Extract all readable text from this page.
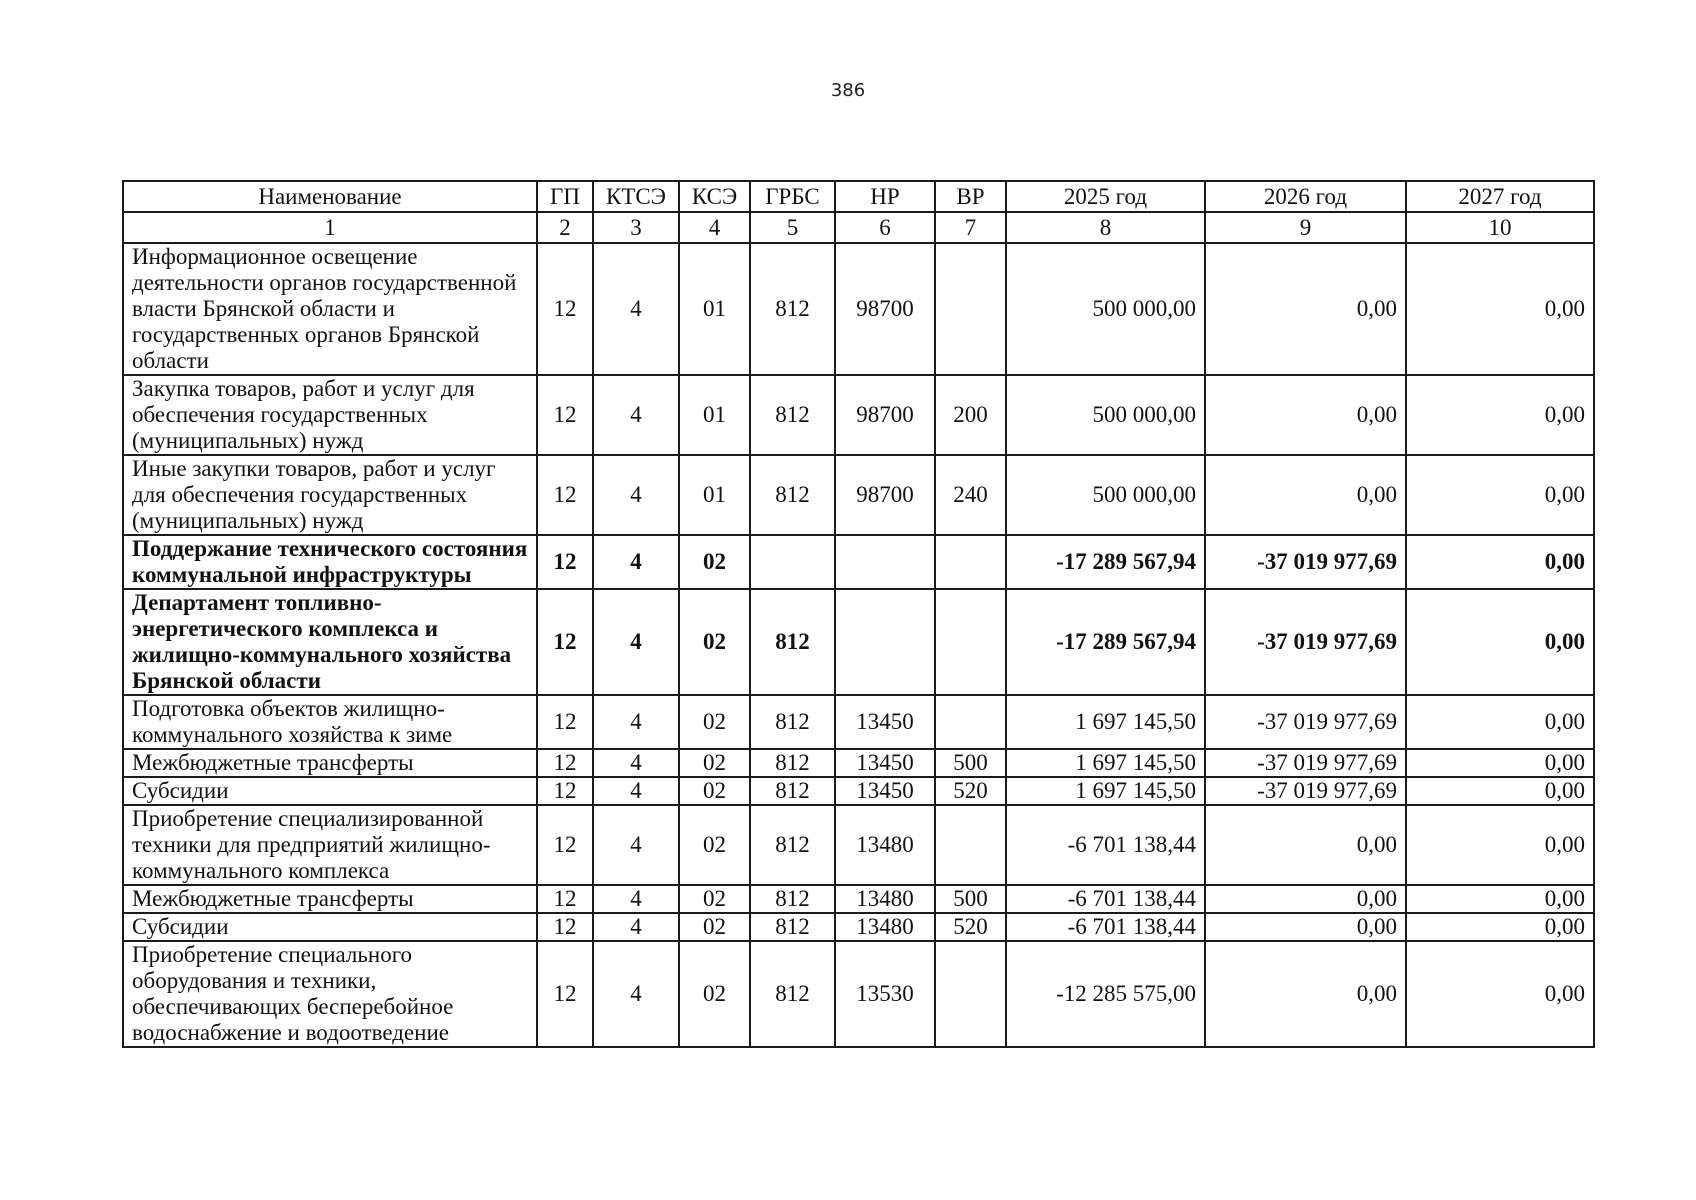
386
Наименование	ГП	КТСЭ	КСЭ	ГРБС	НР	ВР	2025 год	2026 год	2027 год
1	2	3	4	5	6	7	8	9	10
Информационное освещение деятельности органов государственной власти Брянской области и государственных органов Брянской области	12	4	01	812	98700		500 000,00	0,00	0,00
Закупка товаров, работ и услуг для обеспечения государственных (муниципальных) нужд	12	4	01	812	98700	200	500 000,00	0,00	0,00
Иные закупки товаров, работ и услуг для обеспечения государственных (муниципальных) нужд	12	4	01	812	98700	240	500 000,00	0,00	0,00
Поддержание технического состояния коммунальной инфраструктуры	12	4	02				-17 289 567,94	-37 019 977,69	0,00
Департамент топливно-энергетического комплекса и жилищно-коммунального хозяйства Брянской области	12	4	02	812			-17 289 567,94	-37 019 977,69	0,00
Подготовка объектов жилищно-коммунального хозяйства к зиме	12	4	02	812	13450		1 697 145,50	-37 019 977,69	0,00
Межбюджетные трансферты	12	4	02	812	13450	500	1 697 145,50	-37 019 977,69	0,00
Субсидии	12	4	02	812	13450	520	1 697 145,50	-37 019 977,69	0,00
Приобретение специализированной техники для предприятий жилищно-коммунального комплекса	12	4	02	812	13480		-6 701 138,44	0,00	0,00
Межбюджетные трансферты	12	4	02	812	13480	500	-6 701 138,44	0,00	0,00
Субсидии	12	4	02	812	13480	520	-6 701 138,44	0,00	0,00
Приобретение специального оборудования и техники, обеспечивающих бесперебойное водоснабжение и водоотведение	12	4	02	812	13530		-12 285 575,00	0,00	0,00
